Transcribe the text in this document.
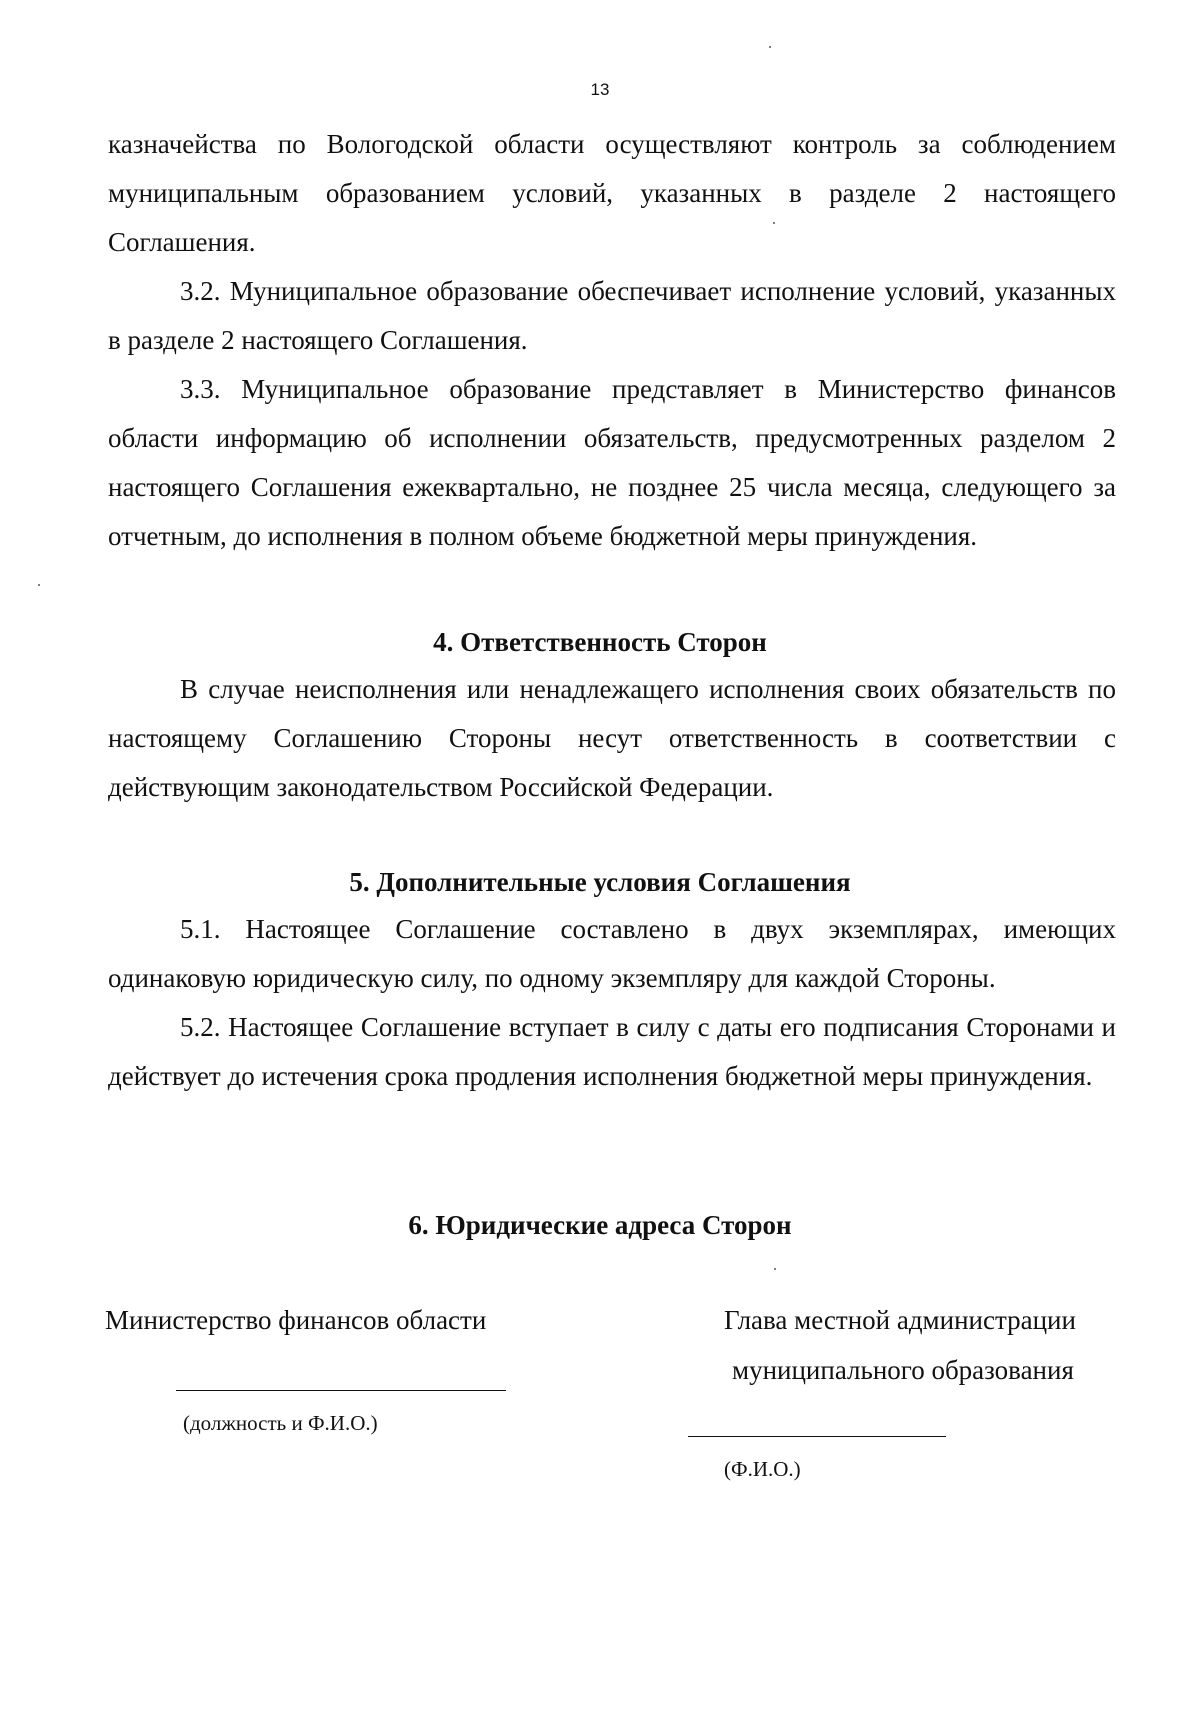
13

казначейства по Вологодской области осуществляют контроль за соблюдением муниципальным образованием условий, указанных в разделе 2 настоящего Соглашения.

3.2. Муниципальное образование обеспечивает исполнение условий, указанных в разделе 2 настоящего Соглашения.

3.3. Муниципальное образование представляет в Министерство финансов области информацию об исполнении обязательств, предусмотренных разделом 2 настоящего Соглашения ежеквартально, не позднее 25 числа месяца, следующего за отчетным, до исполнения в полном объеме бюджетной меры принуждения.

4. Ответственность Сторон

В случае неисполнения или ненадлежащего исполнения своих обязательств по настоящему Соглашению Стороны несут ответственность в соответствии с действующим законодательством Российской Федерации.

5. Дополнительные условия Соглашения

5.1. Настоящее Соглашение составлено в двух экземплярах, имеющих одинаковую юридическую силу, по одному экземпляру для каждой Стороны.

5.2. Настоящее Соглашение вступает в силу с даты его подписания Сторонами и действует до истечения срока продления исполнения бюджетной меры принуждения.

6. Юридические адреса Сторон
Министерство финансов области
(должность и Ф.И.О.)
Глава местной администрации
муниципального образования
(Ф.И.О.)
